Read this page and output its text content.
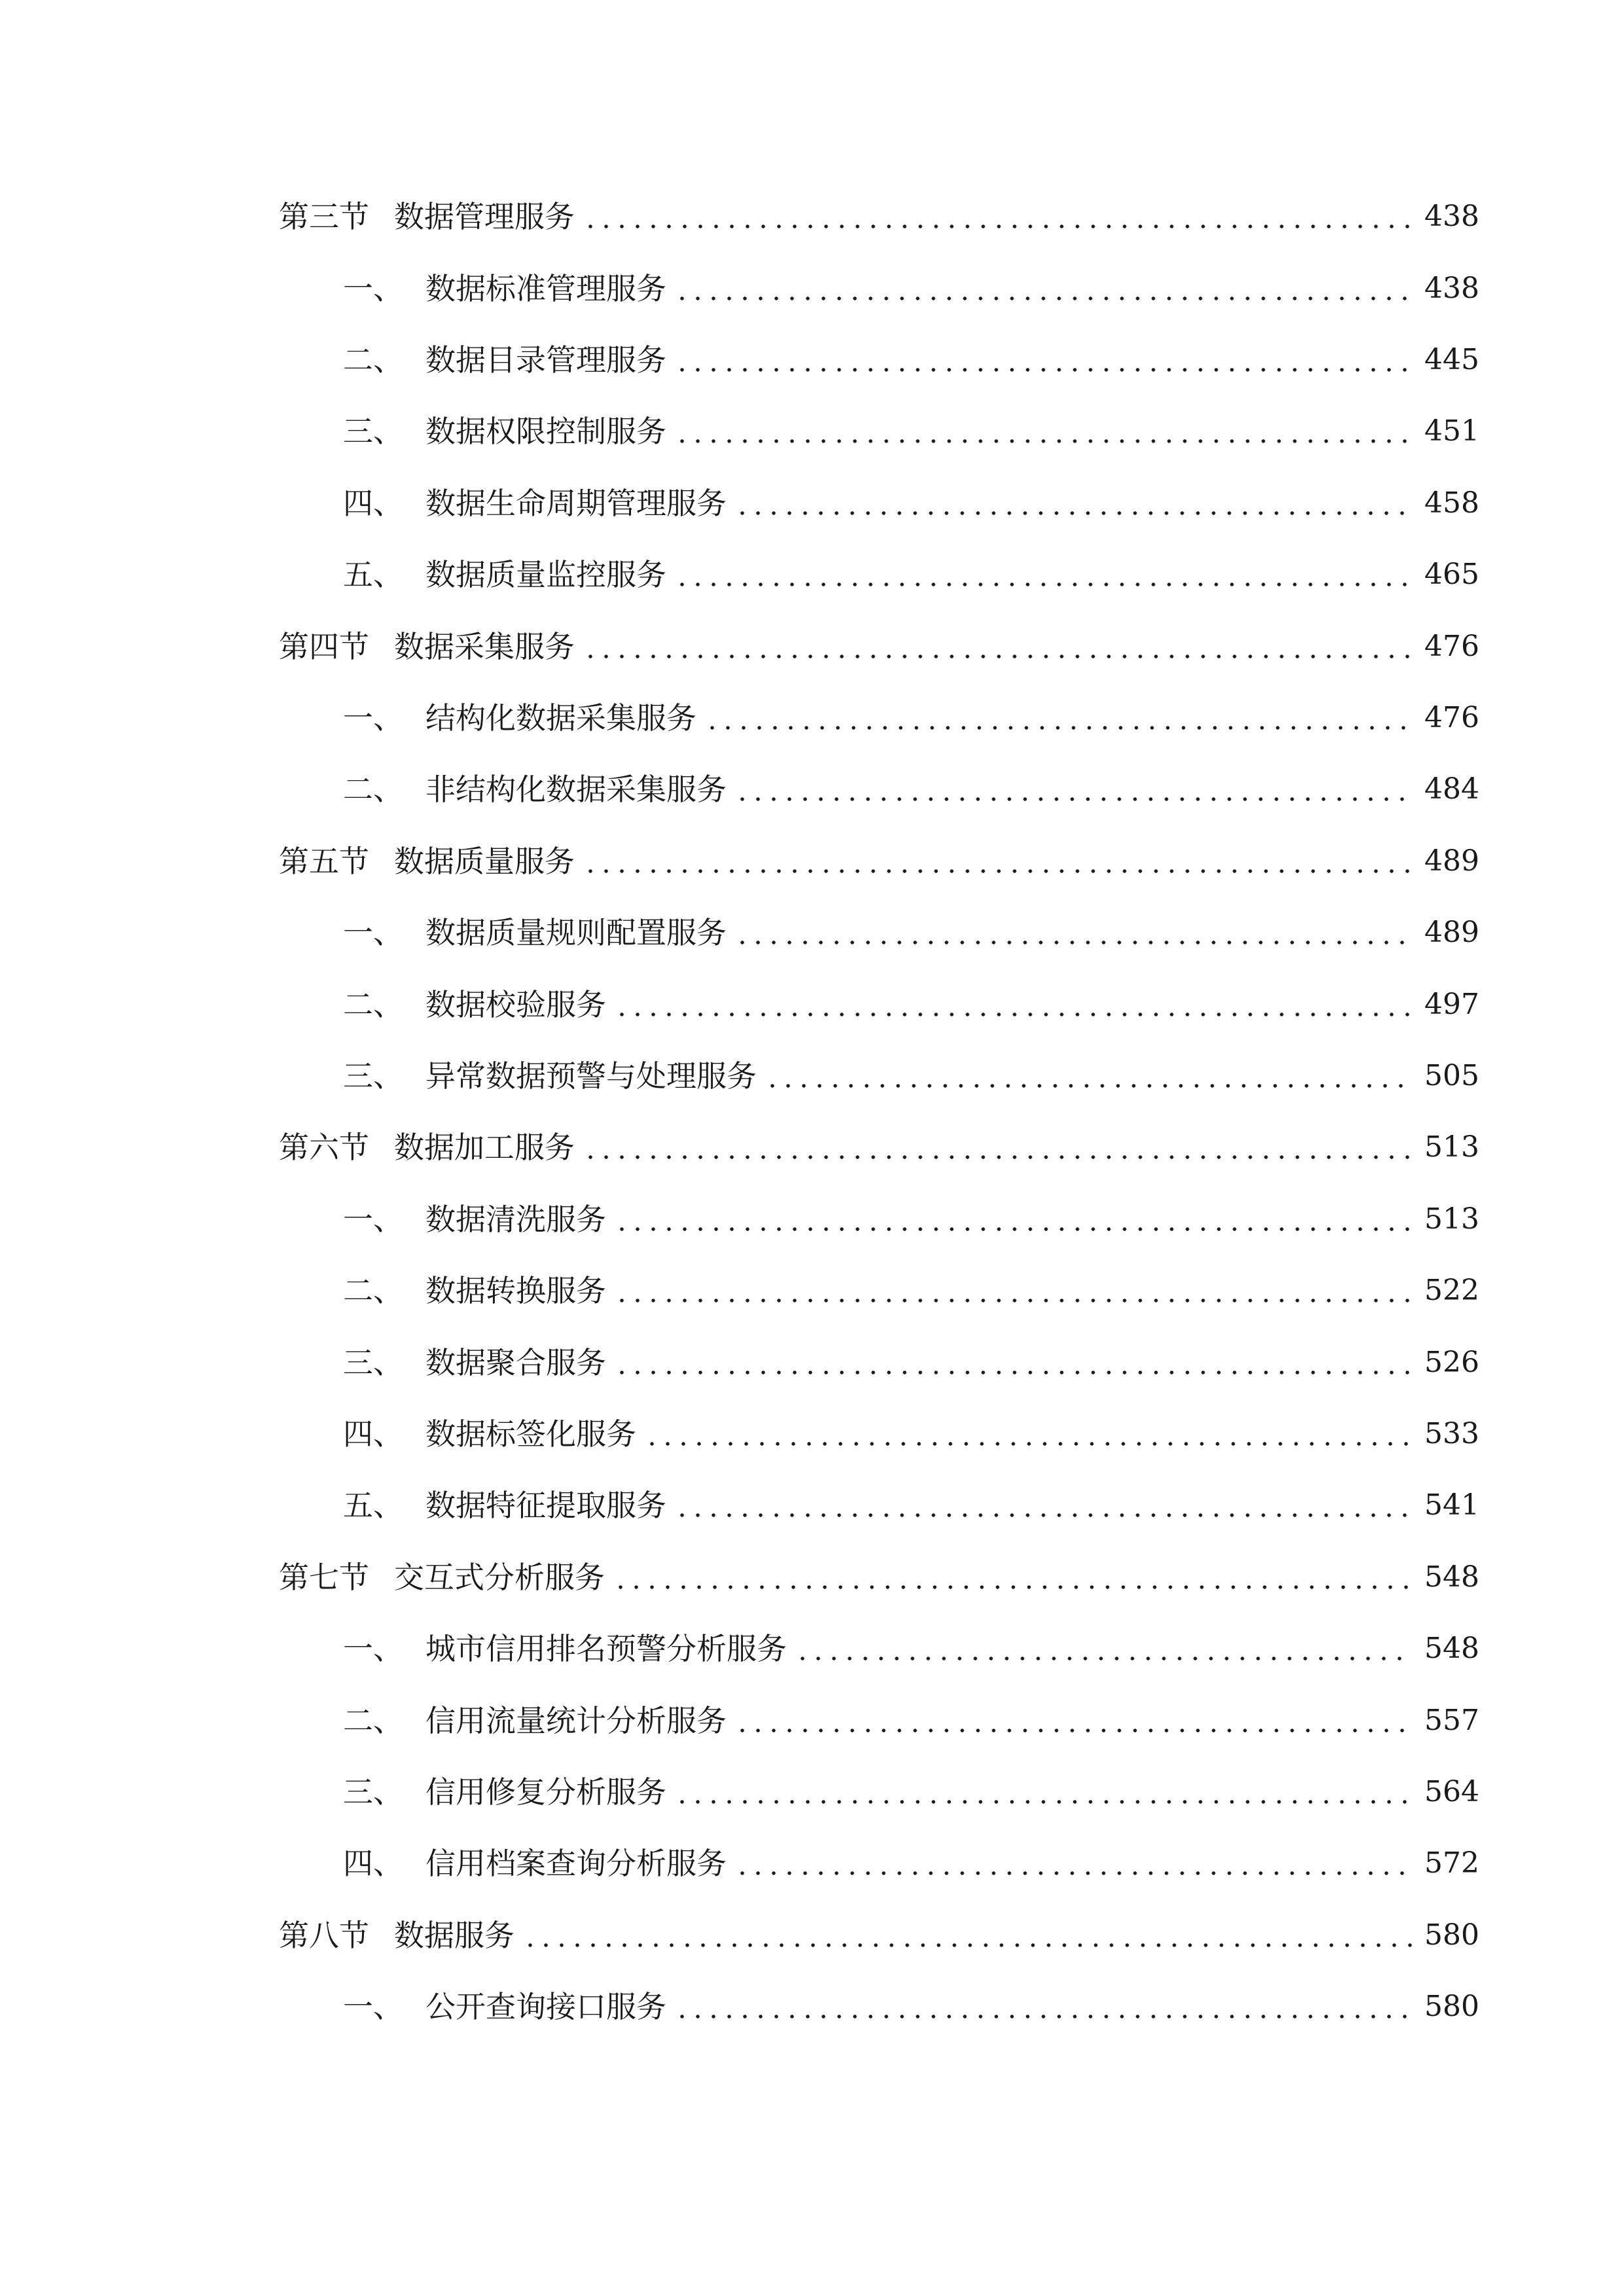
第三节 数据管理服务	438
一、 数据标准管理服务	438
二、 数据目录管理服务	445
三、 数据权限控制服务	451
四、 数据生命周期管理服务	458
五、 数据质量监控服务	465
第四节 数据采集服务	476
一、 结构化数据采集服务	476
二、 非结构化数据采集服务	484
第五节 数据质量服务	489
一、 数据质量规则配置服务	489
二、 数据校验服务	497
三、 异常数据预警与处理服务	505
第六节 数据加工服务	513
一、 数据清洗服务	513
二、 数据转换服务	522
三、 数据聚合服务	526
四、 数据标签化服务	533
五、 数据特征提取服务	541
第七节 交互式分析服务	548
一、 城市信用排名预警分析服务	548
二、 信用流量统计分析服务	557
三、 信用修复分析服务	564
四、 信用档案查询分析服务	572
第八节 数据服务	580
一、 公开查询接口服务	580
